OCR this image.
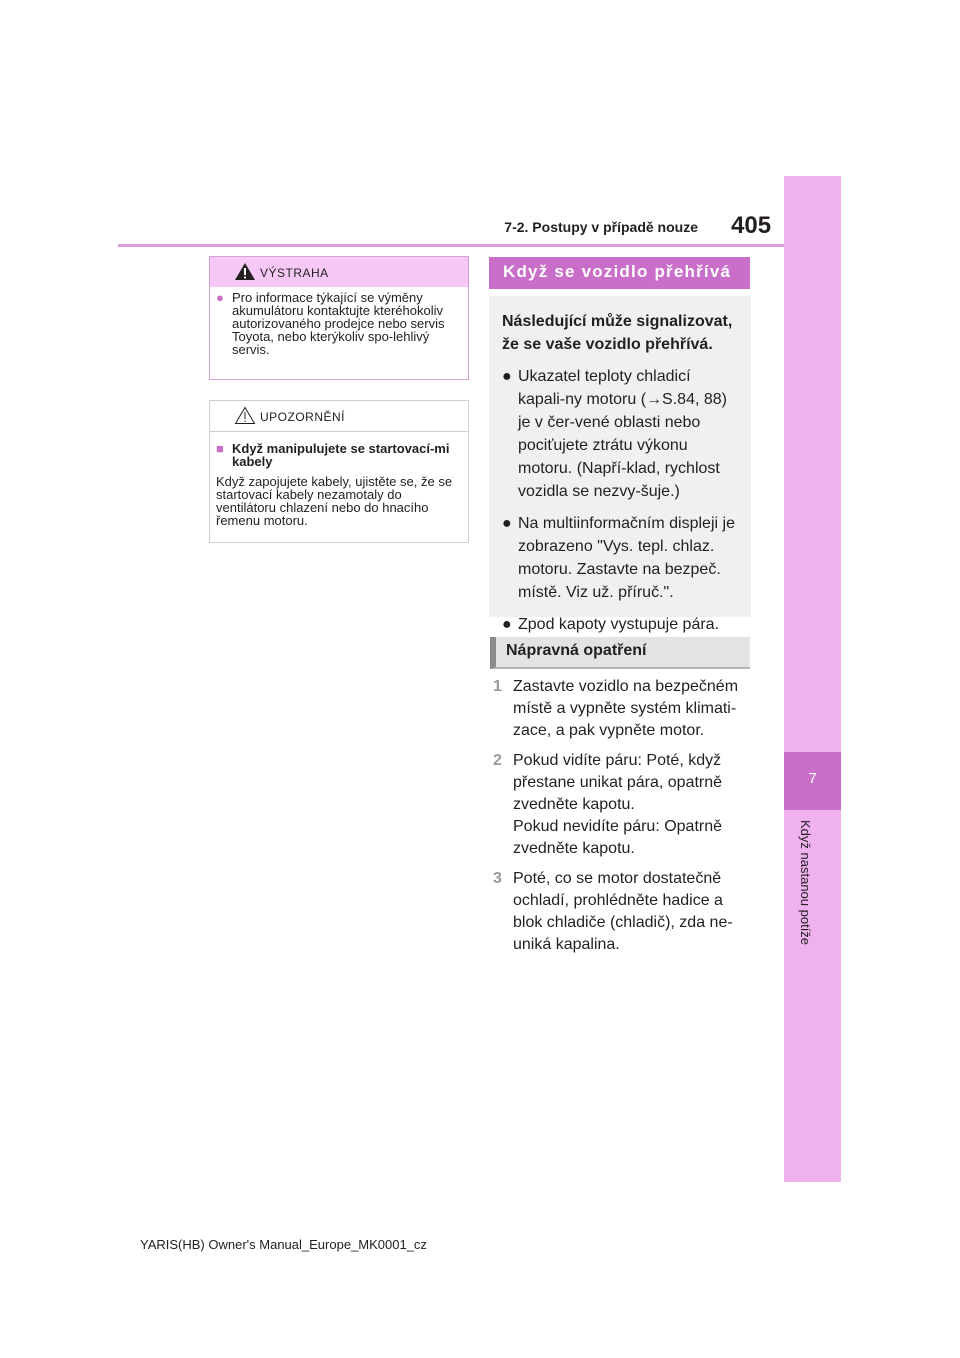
7-2. Postupy v případě nouze 405
7
Když nastanou potíže
VÝSTRAHA
● Pro informace týkající se výměny akumulátoru kontaktujte kteréhokoliv autorizovaného prodejce nebo servis Toyota, nebo kterýkoliv spo-lehlivý servis.
UPOZORNĚNÍ
■ Když manipulujete se startovací-mi kabely
Když zapojujete kabely, ujistěte se, že se startovací kabely nezamotaly do ventilátoru chlazení nebo do hnacího řemenu motoru.
Když se vozidlo přehřívá
Následující může signalizovat, že se vaše vozidlo přehřívá.
● Ukazatel teploty chladicí kapali-ny motoru (→S.84, 88) je v čer-vené oblasti nebo pociťujete ztrátu výkonu motoru. (Napří-klad, rychlost vozidla se nezvy-šuje.)
● Na multiinformačním displeji je zobrazeno "Vys. tepl. chlaz. motoru. Zastavte na bezpeč. místě. Viz už. příruč.".
● Zpod kapoty vystupuje pára.
Nápravná opatření
1 Zastavte vozidlo na bezpečném místě a vypněte systém klimati-zace, a pak vypněte motor.
2 Pokud vidíte páru: Poté, když přestane unikat pára, opatrně zvedněte kapotu.
Pokud nevidíte páru: Opatrně zvedněte kapotu.
3 Poté, co se motor dostatečně ochladí, prohlédněte hadice a blok chladiče (chladič), zda ne-uniká kapalina.
YARIS(HB) Owner's Manual_Europe_MK0001_cz
